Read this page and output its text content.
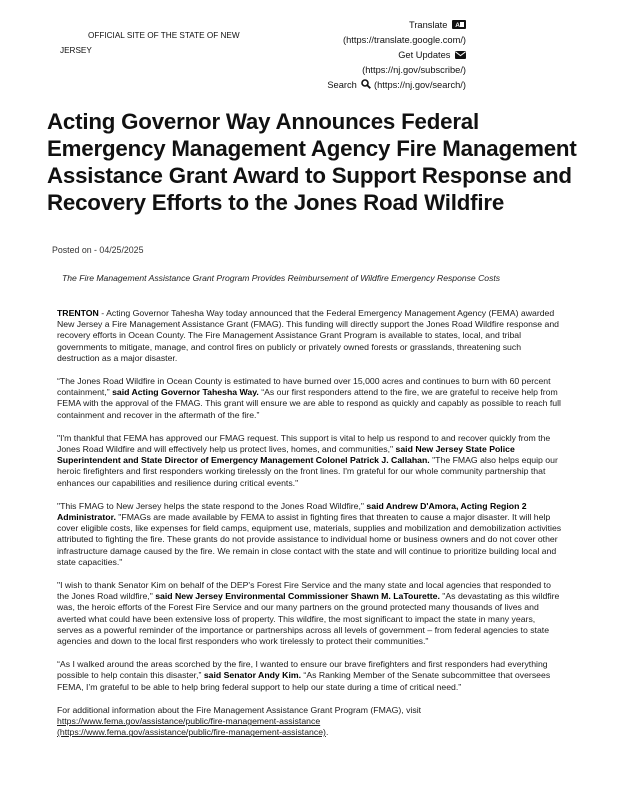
OFFICIAL SITE OF THE STATE OF NEW
JERSEY
Translate A
(https://translate.google.com/)
Get Updates
(https://nj.gov/subscribe/)
Search (https://nj.gov/search/)
Acting Governor Way Announces Federal Emergency Management Agency Fire Management Assistance Grant Award to Support Response and Recovery Efforts to the Jones Road Wildfire
Posted on - 04/25/2025
The Fire Management Assistance Grant Program Provides Reimbursement of Wildfire Emergency Response Costs

TRENTON - Acting Governor Tahesha Way today announced that the Federal Emergency Management Agency (FEMA) awarded New Jersey a Fire Management Assistance Grant (FMAG). This funding will directly support the Jones Road Wildfire response and recovery efforts in Ocean County. The Fire Management Assistance Grant Program is available to states, local, and tribal governments to mitigate, manage, and control fires on publicly or privately owned forests or grasslands, threatening such destruction as a major disaster.

“The Jones Road Wildfire in Ocean County is estimated to have burned over 15,000 acres and continues to burn with 60 percent containment,” said Acting Governor Tahesha Way. “As our first responders attend to the fire, we are grateful to receive help from FEMA with the approval of the FMAG. This grant will ensure we are able to respond as quickly and capably as possible to reach full containment and recover in the aftermath of the fire.”

"I'm thankful that FEMA has approved our FMAG request. This support is vital to help us respond to and recover quickly from the Jones Road Wildfire and will effectively help us protect lives, homes, and communities," said New Jersey State Police Superintendent and State Director of Emergency Management Colonel Patrick J. Callahan. "The FMAG also helps equip our heroic firefighters and first responders working tirelessly on the front lines. I'm grateful for our whole community partnership that enhances our capabilities and resilience during critical events."

"This FMAG to New Jersey helps the state respond to the Jones Road Wildfire," said Andrew D'Amora, Acting Region 2 Administrator. "FMAGs are made available by FEMA to assist in fighting fires that threaten to cause a major disaster. It will help cover eligible costs, like expenses for field camps, equipment use, materials, supplies and mobilization and demobilization activities attributed to fighting the fire. These grants do not provide assistance to individual home or business owners and do not cover other infrastructure damage caused by the fire. We remain in close contact with the state and will continue to prioritize building local and state capacities."

"I wish to thank Senator Kim on behalf of the DEP's Forest Fire Service and the many state and local agencies that responded to the Jones Road wildfire," said New Jersey Environmental Commissioner Shawn M. LaTourette. "As devastating as this wildfire was, the heroic efforts of the Forest Fire Service and our many partners on the ground protected many thousands of lives and averted what could have been extensive loss of property. This wildfire, the most significant to impact the state in many years, serves as a powerful reminder of the importance or partnerships across all levels of government – from federal agencies to state agencies and down to the local first responders who work tirelessly to protect their communities."

“As I walked around the areas scorched by the fire, I wanted to ensure our brave firefighters and first responders had everything possible to help contain this disaster,” said Senator Andy Kim. “As Ranking Member of the Senate subcommittee that oversees FEMA, I’m grateful to be able to help bring federal support to help our state during a time of critical need.”

For additional information about the Fire Management Assistance Grant Program (FMAG), visit
https://www.fema.gov/assistance/public/fire-management-assistance
(https://www.fema.gov/assistance/public/fire-management-assistance).
